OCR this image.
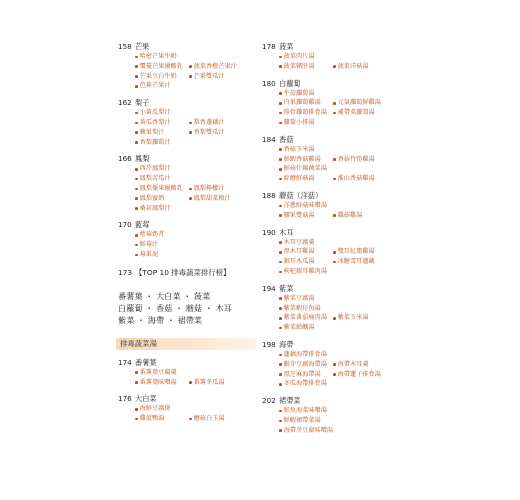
158 芒果
哈密芒果牛奶
覆蔓芒果優酪乳 菠菜香橙芒果汁
芒果豆白牛奶	芒果雙瓜汁
芭蕉芒果汁
162 梨子
小黃瓜梨汁
黃瓜香梨汁	梨香蓬藕汁
蘋果梨汁	香梨雙瓜汁
香梨蘿蔔汁
166 鳳梨
西芹鳳梨汁
鳳梨苦瓜汁
鳳梨優果優酪乳 鳳梨檸檬汁
鳳梨蜜奶	鳳梨甜菜根汁
桑甚鳳梨汁
170 藍莓
藍莓奶昔
鮮莓汁
莓果泥
173 【TOP 10 排毒蔬菜排行榜】
番薯葉 ・ 大白菜 ・ 菠菜
白蘿蔔 ・ 香菇 ・ 蘑菇 ・ 木耳
紫菜 ・ 海帶 ・ 裙帶菜
排毒蔬菜湯
174 番薯葉
番薯葉豆腐羹
番薯葉味噌湯	番薯冬瓜湯
176 大白菜
海鮮豆腐煲
雞蛋鴨湯	蘑菇白玉湯
178 菠菜
菠菜肉片湯
菠菜豬肝湯	菠菜洋菇湯
180 白蘿蔔
牛蒡蘿蔔湯
白果蘿蔔雞湯	元氣蘿蔔鮮雞湯
排骨蘿蔔排骨湯 補帶菜蘿蔔湯
蘿蔔小排湯
184 香菇
香菇玉米湯
鮮蝦香菇雞湯	香菇竹筍雞湯
鮮菇什錦蔬菜湯
綜蘑鮮菇湯	淮山香菇雞湯
188 蘑菇（洋菇）
洋蔥鮮菇味噌湯
腰果雙菇湯	雞菇雞湯
190 木耳
木耳豆腐羹
黑木耳雞湯	雙耳紅棗雞湯
銀耳木瓜湯	冰糖雪耳蓮藕
枸杞銀耳雞肉湯
194 紫菜
紫菜豆腐湯
紫菜蝦仔魚湯
紫菜番茄瘦肉湯 紫菜玉米湯
紫菜蛤蠣湯
198 海帶
蓮藕海帶排骨湯
銀芽豆腐海帶湯 海帶木耳羹
黑芝麻海帶湯	海帶蓮子排骨湯
冬瓜海帶排骨湯
202 裙帶菜
鮭魚海菜味噌湯
鮮蝦裙帶菜湯
海帶芽豆腐味噌湯
